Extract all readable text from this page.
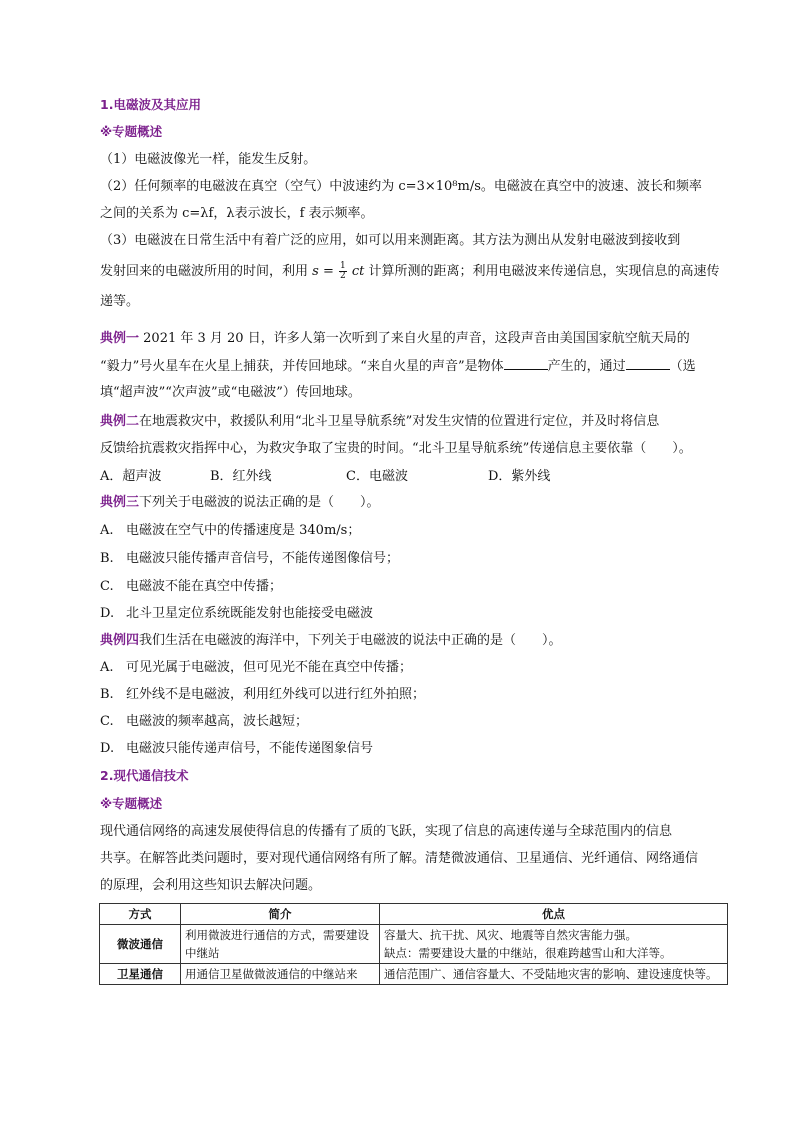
1.电磁波及其应用
※专题概述
（1）电磁波像光一样，能发生反射。
（2）任何频率的电磁波在真空（空气）中波速约为 c=3×10⁸m/s。电磁波在真空中的波速、波长和频率
之间的关系为 c=λf，λ表示波长，f 表示频率。
（3）电磁波在日常生活中有着广泛的应用，如可以用来测距离。其方法为测出从发射电磁波到接收到
发射回来的电磁波所用的时间，利用 $s = \frac{1}{2}$ ct 计算所测的距离；利用电磁波来传递信息，实现信息的高速传
递等。
典例一 2021 年 3 月 20 日，许多人第一次听到了来自火星的声音，这段声音由美国国家航空航天局的
“毅力”号火星车在火星上捕获，并传回地球。“来自火星的声音”是物体	产生的，通过	（选
填“超声波”“次声波”或“电磁波”）传回地球。
典例二在地震救灾中，救援队利用“北斗卫星导航系统”对发生灾情的位置进行定位，并及时将信息
反馈给抗震救灾指挥中心，为救灾争取了宝贵的时间。“北斗卫星导航系统”传递信息主要依靠（　　）。
A．超声波	B．红外线	C．电磁波	D．紫外线
典例三下列关于电磁波的说法正确的是（　　）。
A. 电磁波在空气中的传播速度是 340m/s；
B. 电磁波只能传播声音信号，不能传递图像信号；
C. 电磁波不能在真空中传播；
D. 北斗卫星定位系统既能发射也能接受电磁波
典例四我们生活在电磁波的海洋中，下列关于电磁波的说法中正确的是（　　）。
A. 可见光属于电磁波，但可见光不能在真空中传播；
B. 红外线不是电磁波，利用红外线可以进行红外拍照；
C. 电磁波的频率越高，波长越短；
D. 电磁波只能传递声信号，不能传递图象信号
2.现代通信技术
※专题概述
现代通信网络的高速发展使得信息的传播有了质的飞跃，实现了信息的高速传递与全球范围内的信息
共享。在解答此类问题时，要对现代通信网络有所了解。清楚微波通信、卫星通信、光纤通信、网络通信
的原理，会利用这些知识去解决问题。
方式	简介	优点
微波通信	利用微波进行通信的方式，需要建设中继站	容量大、抗干扰、风灾、地震等自然灾害能力强。
缺点：需要建设大量的中继站，很难跨越雪山和大洋等。

卫星通信	用通信卫星做微波通信的中继站来	通信范围广、通信容量大、不受陆地灾害的影响、建设速度快等。
